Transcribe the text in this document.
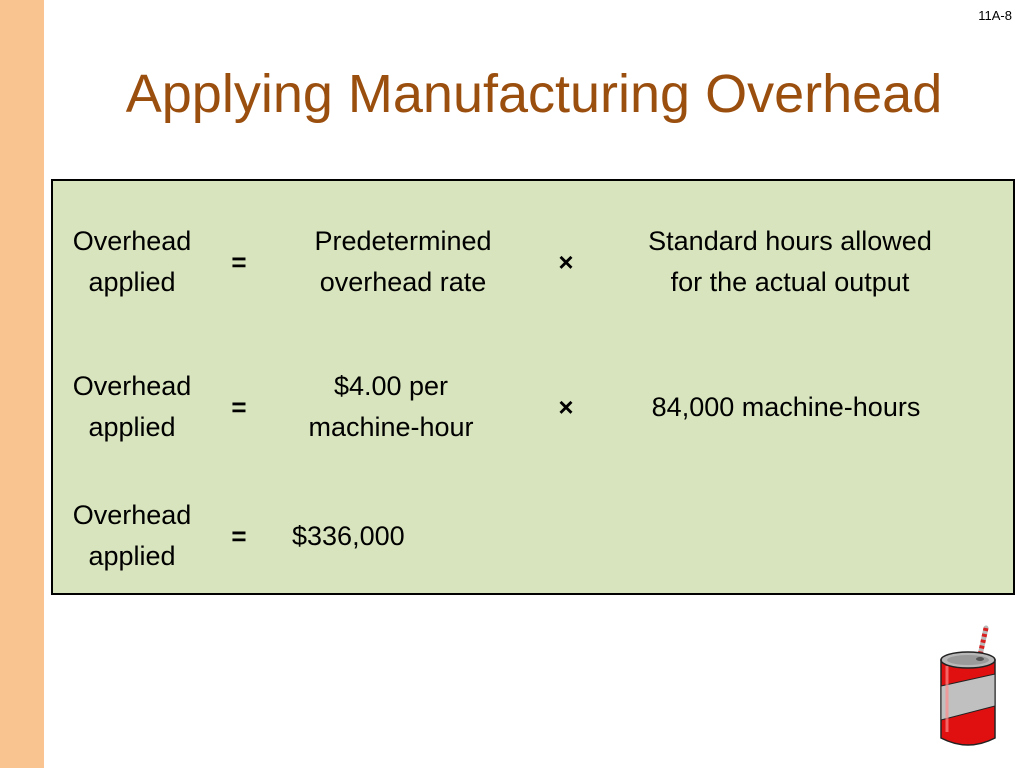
11A-8
Applying Manufacturing Overhead
Overhead
applied
=
Predetermined
overhead rate
×
Standard hours allowed
for the actual output
Overhead
applied
=
$4.00 per
machine-hour
×	84,000 machine-hours
Overhead
applied
= $336,000
